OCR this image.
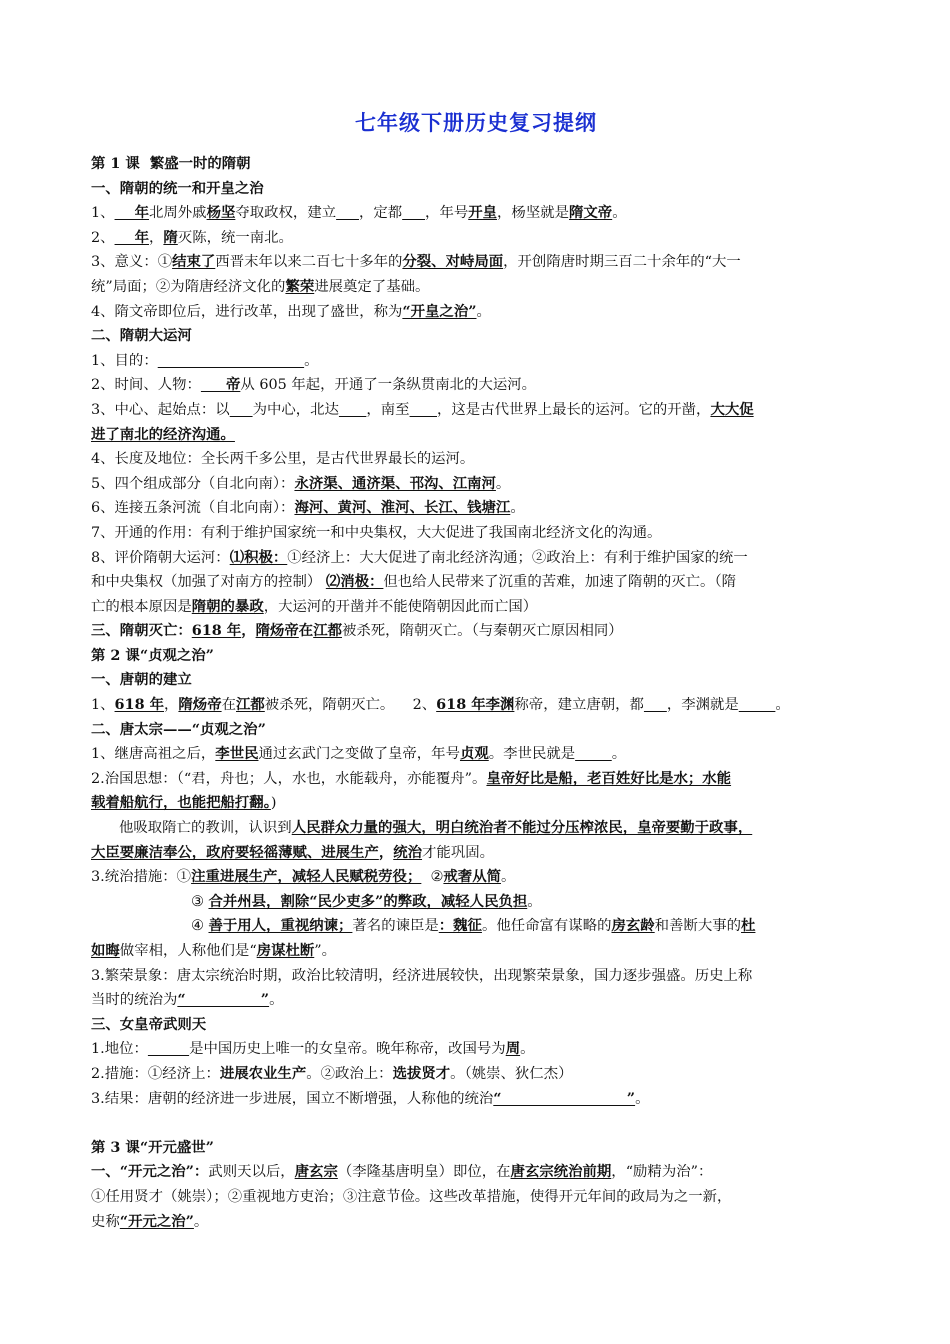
七年级下册历史复习提纲
第 1 课  繁盛一时的隋朝
一、隋朝的统一和开皇之治
1、    年北周外戚杨坚夺取政权，建立 ，定都 ，年号开皇，杨坚就是隋文帝。
2、    年，隋灭陈，统一南北。
3、意义：①结束了西晋末年以来二百七十多年的分裂、对峙局面，开创隋唐时期三百二十余年的“大一
统”局面；②为隋唐经济文化的繁荣进展奠定了基础。
4、隋文帝即位后，进行改革，出现了盛世，称为“开皇之治”。
二、隋朝大运河
1、目的：	。
2、时间、人物：     帝从 605 年起，开通了一条纵贯南北的大运河。
3、中心、起始点：以 为中心，北达 ，南至 ，这是古代世界上最长的运河。它的开凿，大大促
进了南北的经济沟通。
4、长度及地位：全长两千多公里，是古代世界最长的运河。
5、四个组成部分（自北向南）：永济渠、通济渠、邗沟、江南河。
6、连接五条河流（自北向南）：海河、黄河、淮河、长江、钱塘江。
7、开通的作用：有利于维护国家统一和中央集权，大大促进了我国南北经济文化的沟通。
8、评价隋朝大运河：⑴积极：①经济上：大大促进了南北经济沟通；②政治上：有利于维护国家的统一
和中央集权（加强了对南方的控制） ⑵消极：但也给人民带来了沉重的苦难，加速了隋朝的灭亡。（隋
亡的根本原因是隋朝的暴政，大运河的开凿并不能使隋朝因此而亡国）
三、隋朝灭亡：618 年，隋炀帝在江都被杀死，隋朝灭亡。（与秦朝灭亡原因相同）
第 2 课“贞观之治”
一、唐朝的建立
1、618 年，隋炀帝在江都被杀死，隋朝灭亡。    2、618 年李渊称帝，建立唐朝，都 ，李渊就是	。
二、唐太宗——“贞观之治”
1、继唐高祖之后，李世民通过玄武门之变做了皇帝，年号贞观。李世民就是	。
2.治国思想：（“君，舟也；人，水也，水能载舟，亦能覆舟”。皇帝好比是船，老百姓好比是水；水能
载着船航行，也能把船打翻。)
他吸取隋亡的教训，认识到人民群众力量的强大，明白统治者不能过分压榨浓民，皇帝要勤于政事，
大臣要廉洁奉公，政府要轻徭薄赋、进展生产，统治才能巩固。
3.统治措施：①注重进展生产，减轻人民赋税劳役；  ②戒奢从简。
③ 合并州县，割除“民少吏多”的弊政，减轻人民负担。
④ 善于用人，重视纳谏；著名的谏臣是：魏征。他任命富有谋略的房玄龄和善断大事的杜
如晦做宰相，人称他们是“房谋杜断”。
3.繁荣景象：唐太宗统治时期，政治比较清明，经济进展较快，出现繁荣景象，国力逐步强盛。历史上称
当时的统治为“               ”。
三、女皇帝武则天
1.地位：	是中国历史上唯一的女皇帝。晚年称帝，改国号为周。
2.措施：①经济上：进展农业生产。②政治上：选拔贤才。（姚崇、狄仁杰）
3.结果：唐朝的经济进一步进展，国立不断增强，人称他的统治“                         ”。
第 3 课“开元盛世”
一、“开元之治”：武则天以后，唐玄宗（李隆基唐明皇）即位，在唐玄宗统治前期，“励精为治”：
①任用贤才（姚崇）；②重视地方吏治；③注意节俭。这些改革措施，使得开元年间的政局为之一新，
史称“开元之治”。
